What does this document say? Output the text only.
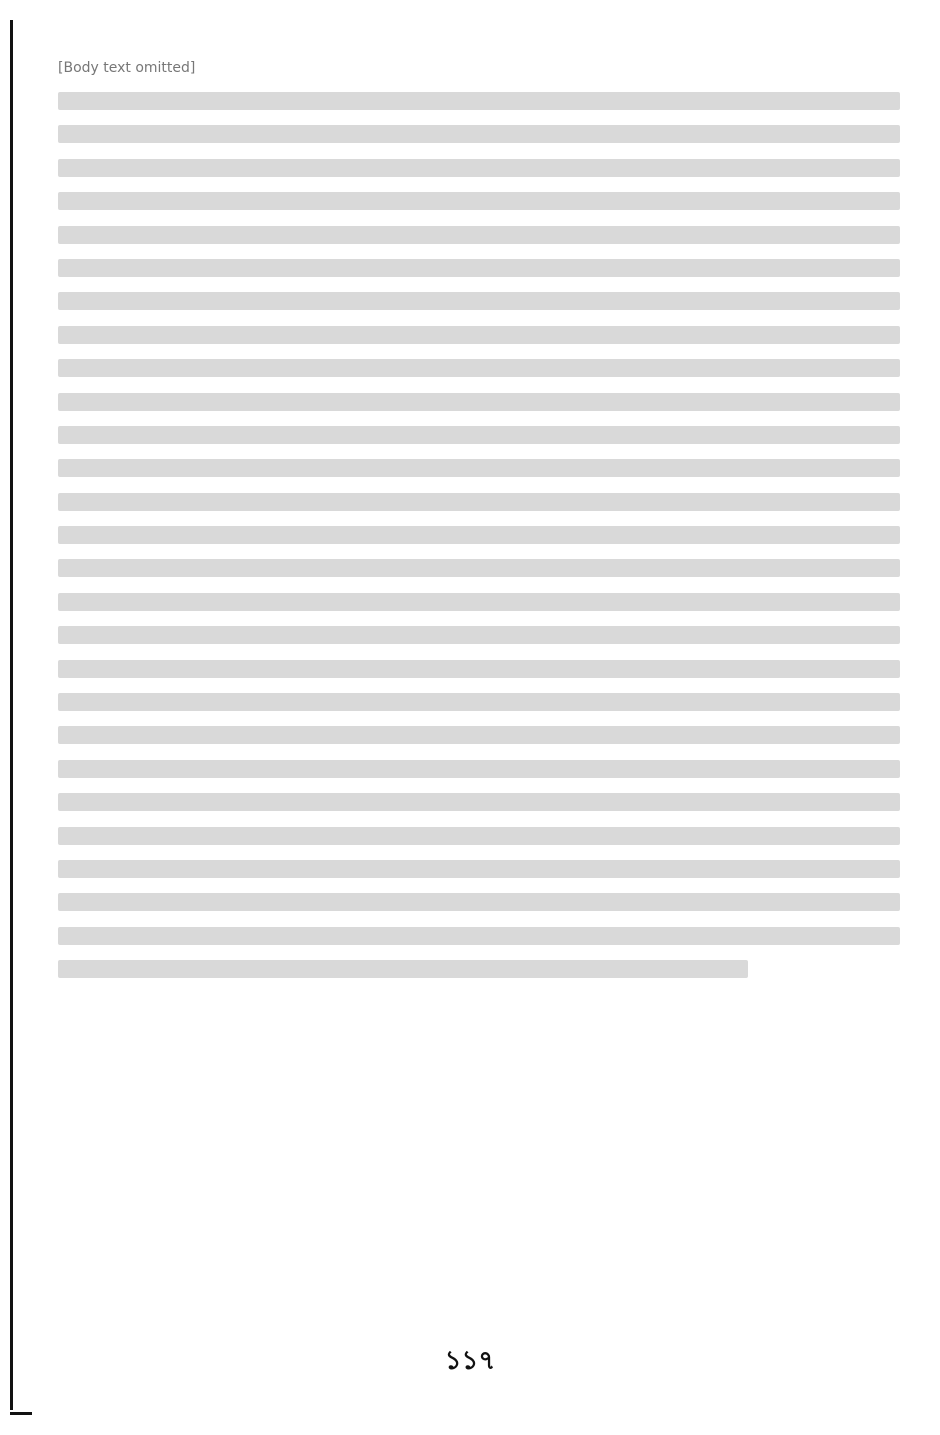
[Body text omitted]
১১৭
